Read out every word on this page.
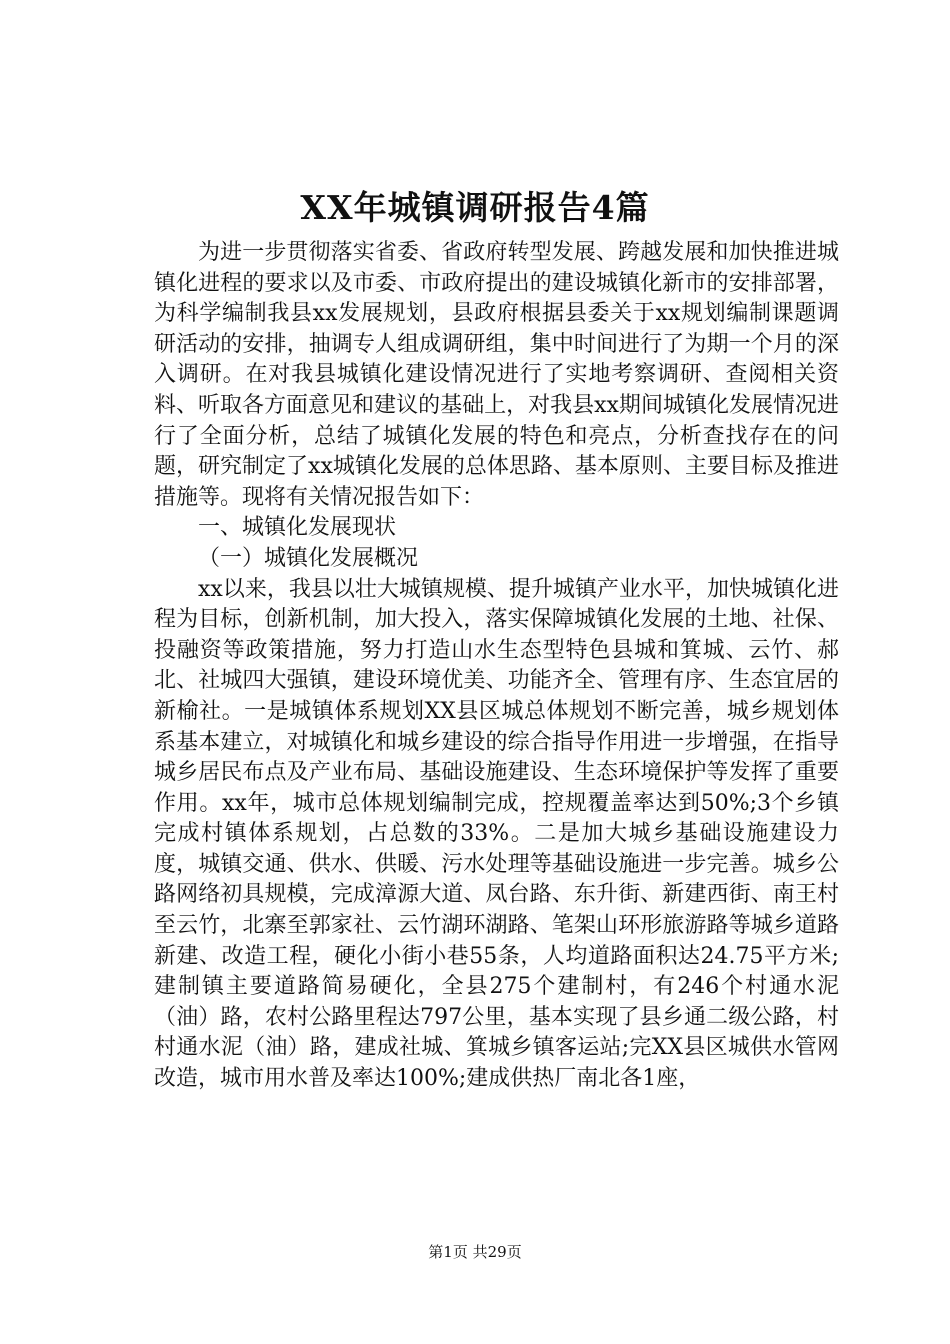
XX年城镇调研报告4篇

为进一步贯彻落实省委、省政府转型发展、跨越发展和加快推进城镇化进程的要求以及市委、市政府提出的建设城镇化新市的安排部署，为科学编制我县xx发展规划，县政府根据县委关于xx规划编制课题调研活动的安排，抽调专人组成调研组，集中时间进行了为期一个月的深入调研。在对我县城镇化建设情况进行了实地考察调研、查阅相关资料、听取各方面意见和建议的基础上，对我县xx期间城镇化发展情况进行了全面分析，总结了城镇化发展的特色和亮点，分析查找存在的问题，研究制定了xx城镇化发展的总体思路、基本原则、主要目标及推进措施等。现将有关情况报告如下：

一、城镇化发展现状

（一）城镇化发展概况

xx以来，我县以壮大城镇规模、提升城镇产业水平，加快城镇化进程为目标，创新机制，加大投入，落实保障城镇化发展的土地、社保、投融资等政策措施，努力打造山水生态型特色县城和箕城、云竹、郝北、社城四大强镇，建设环境优美、功能齐全、管理有序、生态宜居的新榆社。一是城镇体系规划XX县区城总体规划不断完善，城乡规划体系基本建立，对城镇化和城乡建设的综合指导作用进一步增强，在指导城乡居民布点及产业布局、基础设施建设、生态环境保护等发挥了重要作用。xx年，城市总体规划编制完成，控规覆盖率达到50%;3个乡镇完成村镇体系规划，占总数的33%。二是加大城乡基础设施建设力度，城镇交通、供水、供暖、污水处理等基础设施进一步完善。城乡公路网络初具规模，完成漳源大道、凤台路、东升街、新建西街、南王村至云竹，北寨至郭家社、云竹湖环湖路、笔架山环形旅游路等城乡道路新建、改造工程，硬化小街小巷55条，人均道路面积达24.75平方米;建制镇主要道路简易硬化，全县275个建制村，有246个村通水泥（油）路，农村公路里程达797公里，基本实现了县乡通二级公路，村村通水泥（油）路，建成社城、箕城乡镇客运站;完XX县区城供水管网改造，城市用水普及率达100%;建成供热厂南北各1座，

第1页 共29页
